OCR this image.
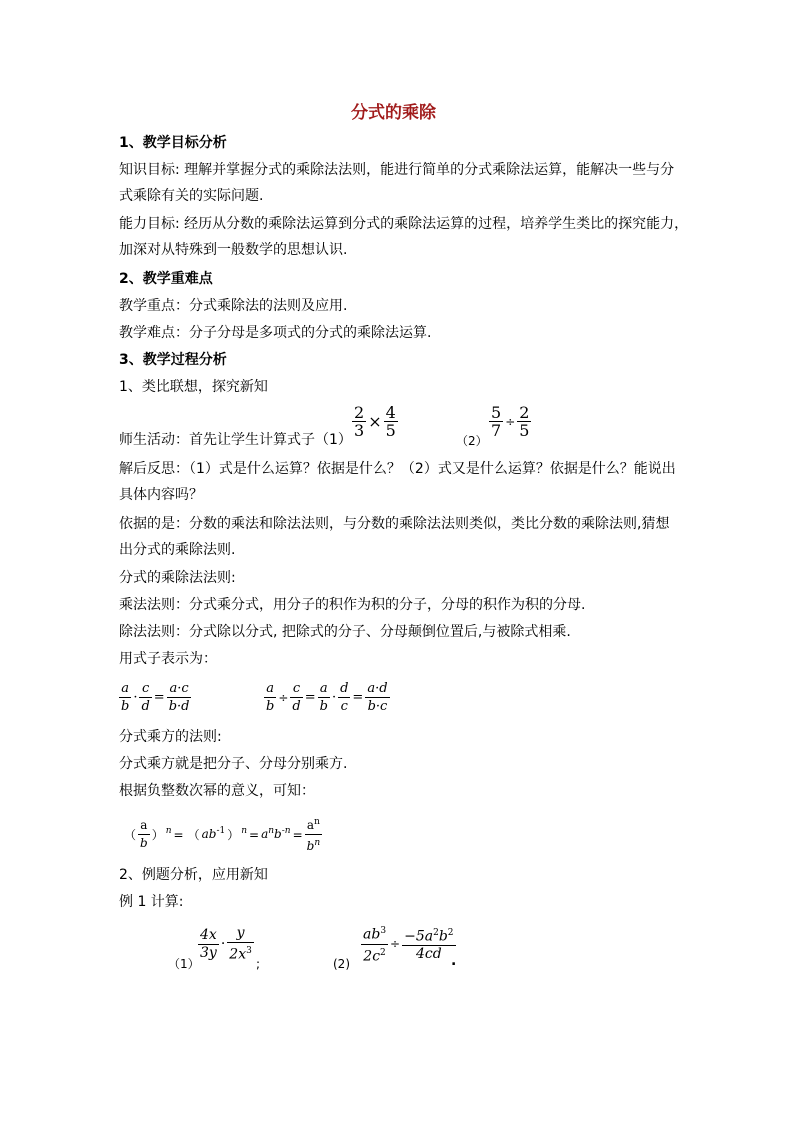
分式的乘除
1、教学目标分析
知识目标: 理解并掌握分式的乘除法法则，能进行简单的分式乘除法运算，能解决一些与分
式乘除有关的实际问题.
能力目标: 经历从分数的乘除法运算到分式的乘除法运算的过程，培养学生类比的探究能力，
加深对从特殊到一般数学的思想认识.
2、教学重难点
教学重点：分式乘除法的法则及应用.
教学难点：分子分母是多项式的分式的乘除法运算.
3、教学过程分析
1、类比联想，探究新知
师生活动：首先让学生计算式子（1）
$\frac{2}{3} \times \frac{4}{5}$
（2）
$\frac{5}{7} \div \frac{2}{5}$
解后反思：（1）式是什么运算？依据是什么？（2）式又是什么运算？依据是什么？能说出
具体内容吗？
依据的是：分数的乘法和除法法则，与分数的乘除法法则类似，类比分数的乘除法则,猜想
出分式的乘除法则.
分式的乘除法法则:
乘法法则：分式乘分式，用分子的积作为积的分子，分母的积作为积的分母.
除法法则：分式除以分式, 把除式的分子、分母颠倒位置后,与被除式相乘.
用式子表示为：
$\frac{a}{b} \cdot \frac{c}{d} = \frac{a\cdot c}{b\cdot d}$	$\frac{a}{b} \div \frac{c}{d} = \frac{a}{b} \cdot \frac{d}{c} = \frac{a\cdot d}{b\cdot c}$
分式乘方的法则:
分式乘方就是把分子、分母分别乘方.
根据负整数次幂的意义，可知：
（ $\frac{a}{b}$ ） $^n$ = （ $ab^{-1}$ ） $^n = a^nb^{-n} = \frac{a^n}{b^n}$
2、例题分析，应用新知
例 1 计算:
（1）
$\frac{4x}{3y} \cdot \frac{y}{2x^3}$
;	$(2) \frac{ab^3}{2c^2} \div \frac{-5a^2b^2}{4cd}$
.
